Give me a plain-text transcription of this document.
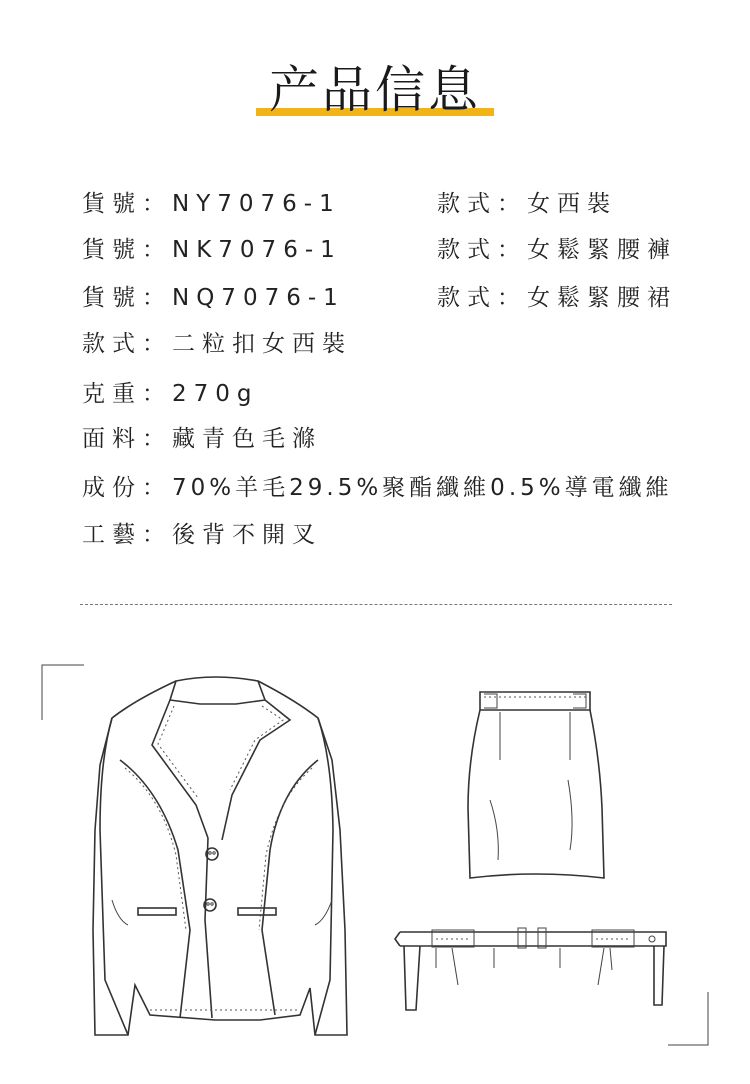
产品信息
貨號：NY7076-1	款式：女西裝
貨號：NK7076-1	款式：女鬆緊腰褲
貨號：NQ7076-1	款式：女鬆緊腰裙
款式：二粒扣女西裝
克重：270g
面料：藏青色毛滌
成份：70%羊毛29.5%聚酯纖維0.5%導電纖維
工藝：後背不開叉
